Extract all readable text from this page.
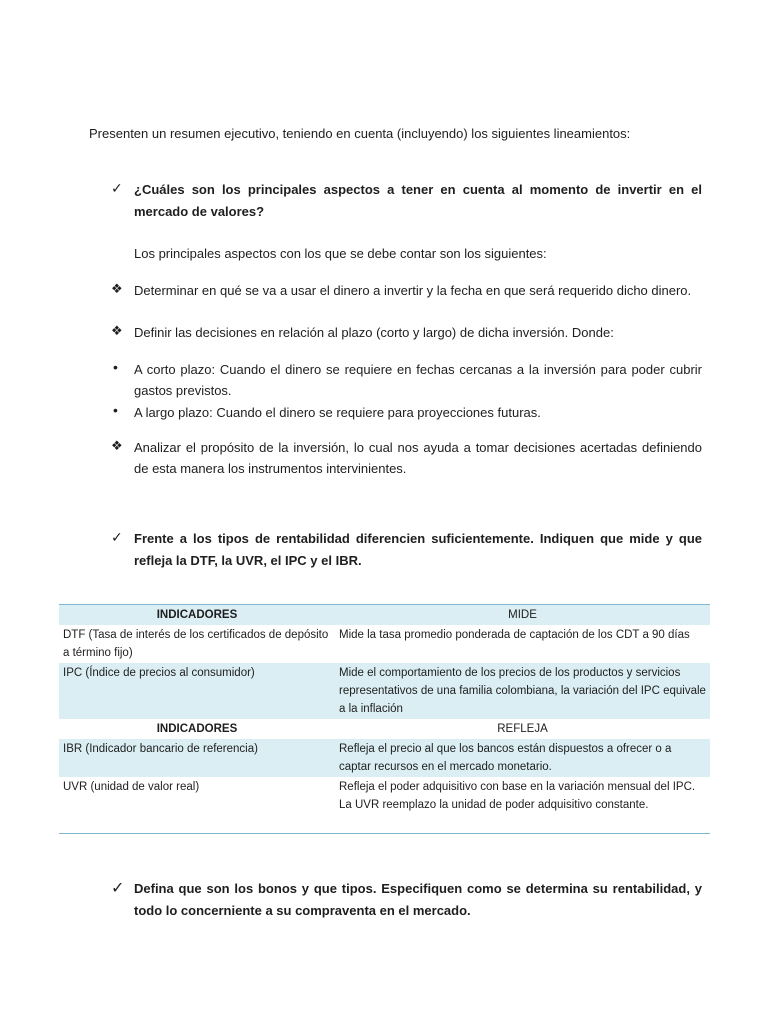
Presenten un resumen ejecutivo, teniendo en cuenta (incluyendo) los siguientes lineamientos:
✓ ¿Cuáles son los principales aspectos a tener en cuenta al momento de invertir en el mercado de valores?
Los principales aspectos con los que se debe contar son los siguientes:
❖ Determinar en qué se va a usar el dinero a invertir y la fecha en que será requerido dicho dinero.
❖ Definir las decisiones en relación al plazo (corto y largo) de dicha inversión. Donde:
• A corto plazo: Cuando el dinero se requiere en fechas cercanas a la inversión para poder cubrir gastos previstos.
• A largo plazo: Cuando el dinero se requiere para proyecciones futuras.
❖ Analizar el propósito de la inversión, lo cual nos ayuda a tomar decisiones acertadas definiendo de esta manera los instrumentos intervinientes.
✓ Frente a los tipos de rentabilidad diferencien suficientemente. Indiquen que mide y que refleja la DTF, la UVR, el IPC y el IBR.
INDICADORES	MIDE
DTF (Tasa de interés de los certificados de depósito a término fijo)	Mide la tasa promedio ponderada de captación de los CDT a 90 días
IPC (Índice de precios al consumidor)	Mide el comportamiento de los precios de los productos y servicios representativos de una familia colombiana, la variación del IPC equivale a la inflación
INDICADORES	REFLEJA
IBR (Indicador bancario de referencia)	Refleja el precio al que los bancos están dispuestos a ofrecer o a captar recursos en el mercado monetario.
UVR (unidad de valor real)	Refleja el poder adquisitivo con base en la variación mensual del IPC. La UVR reemplazo la unidad de poder adquisitivo constante.
✓ Defina que son los bonos y que tipos. Especifiquen como se determina su rentabilidad, y todo lo concerniente a su compraventa en el mercado.
